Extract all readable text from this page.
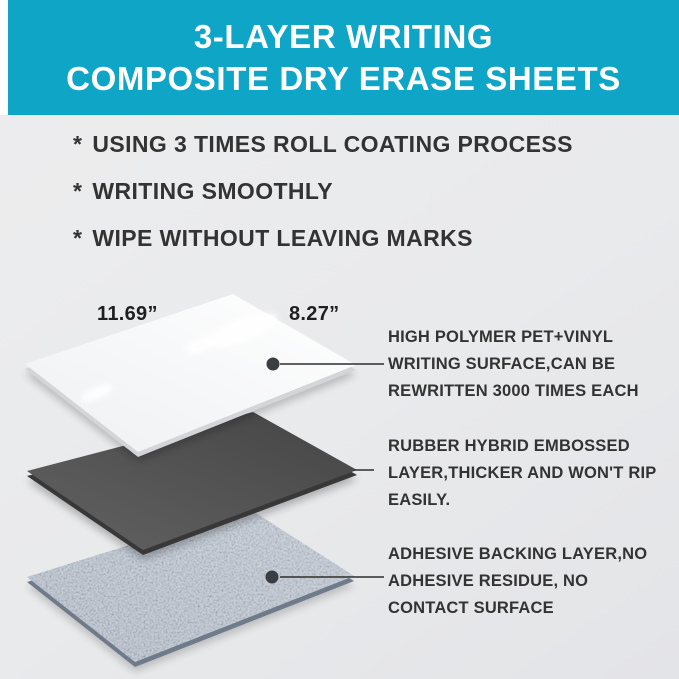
3-LAYER WRITING
COMPOSITE DRY ERASE SHEETS
* USING 3 TIMES ROLL COATING PROCESS
* WRITING SMOOTHLY
* WIPE WITHOUT LEAVING MARKS
11.69”	8.27”
HIGH POLYMER PET+VINYL
WRITING SURFACE,CAN BE
REWRITTEN 3000 TIMES EACH
RUBBER HYBRID EMBOSSED
LAYER,THICKER AND WON'T RIP
EASILY.
ADHESIVE BACKING LAYER,NO
ADHESIVE RESIDUE, NO
CONTACT SURFACE
